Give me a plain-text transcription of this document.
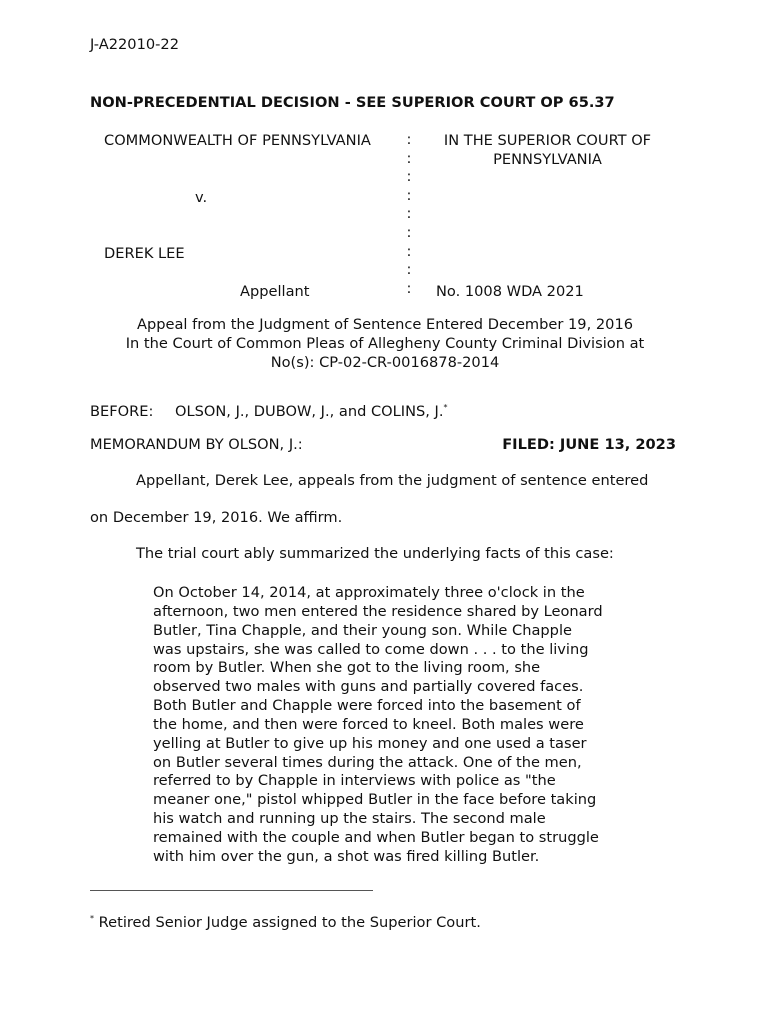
J-A22010-22
NON-PRECEDENTIAL DECISION - SEE SUPERIOR COURT OP 65.37
COMMONWEALTH OF PENNSYLVANIA
v.
DEREK LEE
Appellant
:
:
:
:
:
:
:
:
:
IN THE SUPERIOR COURT OF
PENNSYLVANIA
No. 1008 WDA 2021
Appeal from the Judgment of Sentence Entered December 19, 2016
In the Court of Common Pleas of Allegheny County Criminal Division at
No(s): CP-02-CR-0016878-2014
BEFORE: OLSON, J., DUBOW, J., and COLINS, J.*
MEMORANDUM BY OLSON, J.:	FILED: JUNE 13, 2023
Appellant, Derek Lee, appeals from the judgment of sentence entered
on December 19, 2016. We affirm.
The trial court ably summarized the underlying facts of this case:
On October 14, 2014, at approximately three o'clock in the
afternoon, two men entered the residence shared by Leonard
Butler, Tina Chapple, and their young son. While Chapple
was upstairs, she was called to come down . . . to the living
room by Butler. When she got to the living room, she
observed two males with guns and partially covered faces.
Both Butler and Chapple were forced into the basement of
the home, and then were forced to kneel. Both males were
yelling at Butler to give up his money and one used a taser
on Butler several times during the attack. One of the men,
referred to by Chapple in interviews with police as "the
meaner one," pistol whipped Butler in the face before taking
his watch and running up the stairs. The second male
remained with the couple and when Butler began to struggle
with him over the gun, a shot was fired killing Butler.
* Retired Senior Judge assigned to the Superior Court.
